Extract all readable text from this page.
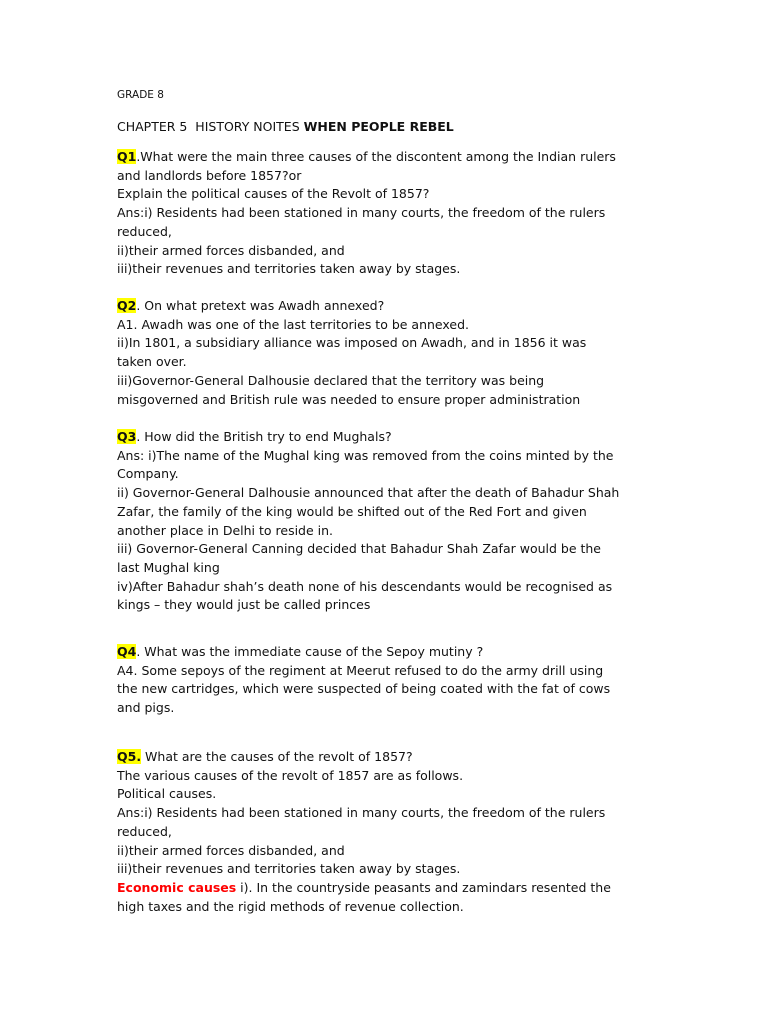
GRADE 8
CHAPTER 5  HISTORY NOITES WHEN PEOPLE REBEL
Q1.What were the main three causes of the discontent among the Indian rulers
and landlords before 1857?or
Explain the political causes of the Revolt of 1857?
Ans:i) Residents had been stationed in many courts, the freedom of the rulers
reduced,
ii)their armed forces disbanded, and
iii)their revenues and territories taken away by stages.
Q2. On what pretext was Awadh annexed?
A1. Awadh was one of the last territories to be annexed.
ii)In 1801, a subsidiary alliance was imposed on Awadh, and in 1856 it was
taken over.
iii)Governor-General Dalhousie declared that the territory was being
misgoverned and British rule was needed to ensure proper administration
Q3. How did the British try to end Mughals?
Ans: i)The name of the Mughal king was removed from the coins minted by the
Company.
ii) Governor-General Dalhousie announced that after the death of Bahadur Shah
Zafar, the family of the king would be shifted out of the Red Fort and given
another place in Delhi to reside in.
iii) Governor-General Canning decided that Bahadur Shah Zafar would be the
last Mughal king
iv)After Bahadur shah’s death none of his descendants would be recognised as
kings – they would just be called princes
Q4. What was the immediate cause of the Sepoy mutiny ?
A4. Some sepoys of the regiment at Meerut refused to do the army drill using
the new cartridges, which were suspected of being coated with the fat of cows
and pigs.
Q5. What are the causes of the revolt of 1857?
The various causes of the revolt of 1857 are as follows.
Political causes.
Ans:i) Residents had been stationed in many courts, the freedom of the rulers
reduced,
ii)their armed forces disbanded, and
iii)their revenues and territories taken away by stages.
Economic causes i). In the countryside peasants and zamindars resented the
high taxes and the rigid methods of revenue collection.
